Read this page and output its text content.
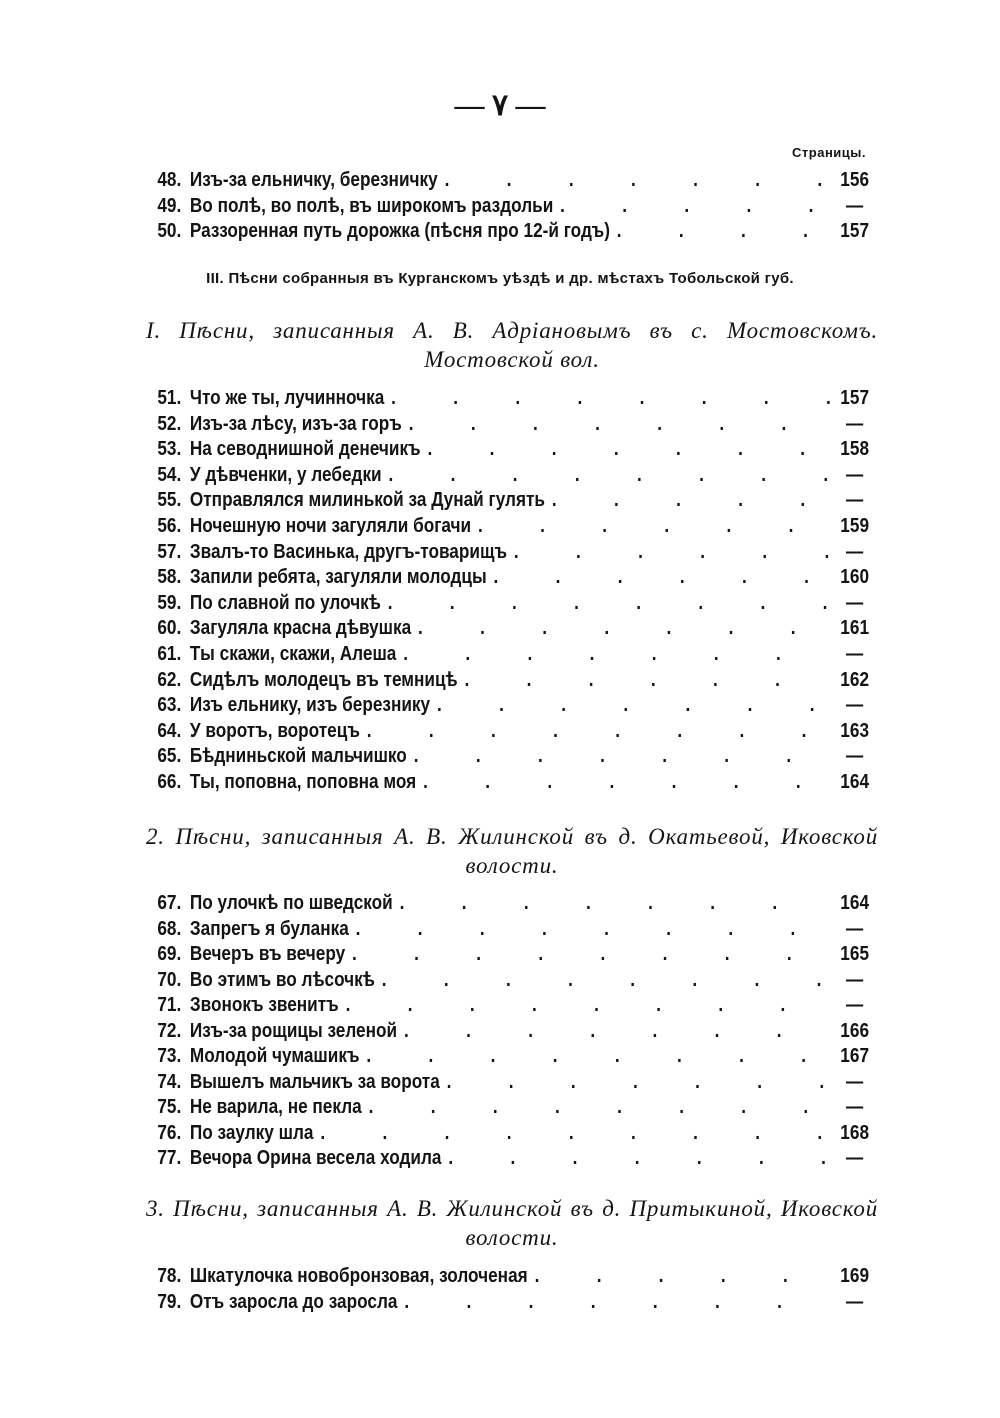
— ۷ —
Страницы.
48. Изъ-за ельничку, березничку .	156
49. Во полѣ, во полѣ, въ широкомъ раздольи .	—
50. Раззоренная путь дорожка (пѣсня про 12-й годъ) .	157
III. Пѣсни собранныя въ Курганскомъ уѣздѣ и др. мѣстахъ Тобольской губ.
I. Пѣсни, записанныя А. В. Адріановымъ въ с. Мостовскомъ. Мостовской вол.
51. Что же ты, лучинночка .	157
52. Изъ-за лѣсу, изъ-за горъ .	—
53. На севоднишной денечикъ .	158
54. У дѣвченки, у лебедки .	—
55. Отправлялся милинькой за Дунай гулять .	—
56. Ночешную ночи загуляли богачи .	159
57. Звалъ-то Васинька, другъ-товарищъ .	—
58. Запили ребята, загуляли молодцы .	160
59. По славной по улочкѣ .	—
60. Загуляла красна дѣвушка .	161
61. Ты скажи, скажи, Алеша .	—
62. Сидѣлъ молодецъ въ темницѣ .	162
63. Изъ ельнику, изъ березнику .	—
64. У воротъ, воротецъ .	163
65. Бѣдниньской мальчишко .	—
66. Ты, поповна, поповна моя .	164
2. Пѣсни, записанныя А. В. Жилинской въ д. Окатьевой, Иковской волости.
67. По улочкѣ по шведской .	164
68. Запрегъ я буланка .	—
69. Вечеръ въ вечеру .	165
70. Во этимъ во лѣсочкѣ .	—
71. Звонокъ звенитъ .	—
72. Изъ-за рощицы зеленой .	166
73. Молодой чумашикъ .	167
74. Вышелъ мальчикъ за ворота .	—
75. Не варила, не пекла .	—
76. По заулку шла .	168
77. Вечора Орина весела ходила .	—
3. Пѣсни, записанныя А. В. Жилинской въ д. Притыкиной, Иковской волости.
78. Шкатулочка новобронзовая, золоченая .	169
79. Отъ заросла до заросла .	—
